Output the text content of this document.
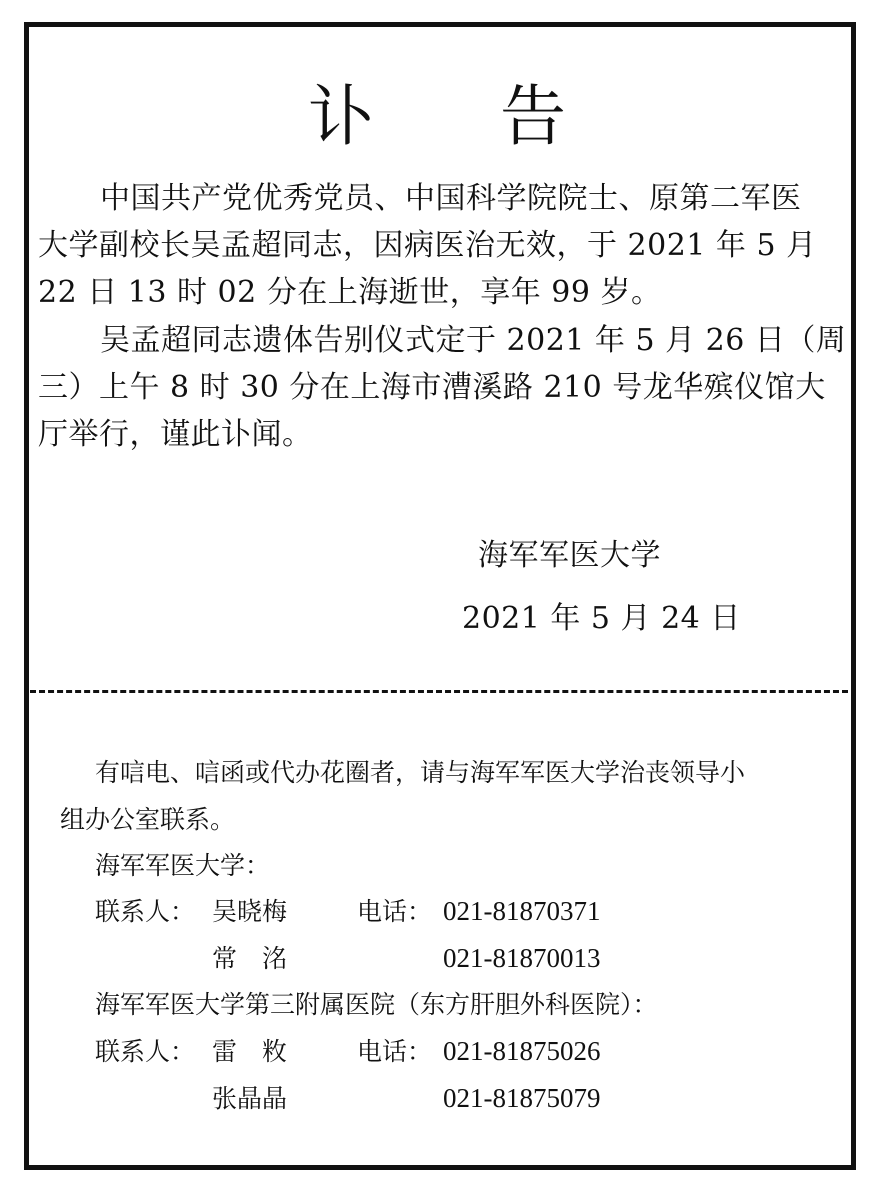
讣 告
中国共产党优秀党员、中国科学院院士、原第二军医
大学副校长吴孟超同志，因病医治无效，于 2021 年 5 月
22 日 13 时 02 分在上海逝世，享年 99 岁。
吴孟超同志遗体告别仪式定于 2021 年 5 月 26 日（周
三）上午 8 时 30 分在上海市漕溪路 210 号龙华殡仪馆大
厅举行，谨此讣闻。
海军军医大学
2021 年 5 月 24 日
有唁电、唁函或代办花圈者，请与海军军医大学治丧领导小
组办公室联系。
海军军医大学：
联系人： 吴晓梅	电话： 021-81870371
常　洺	021-81870013
海军军医大学第三附属医院（东方肝胆外科医院）：
联系人： 雷　敉	电话： 021-81875026
张晶晶	021-81875079
